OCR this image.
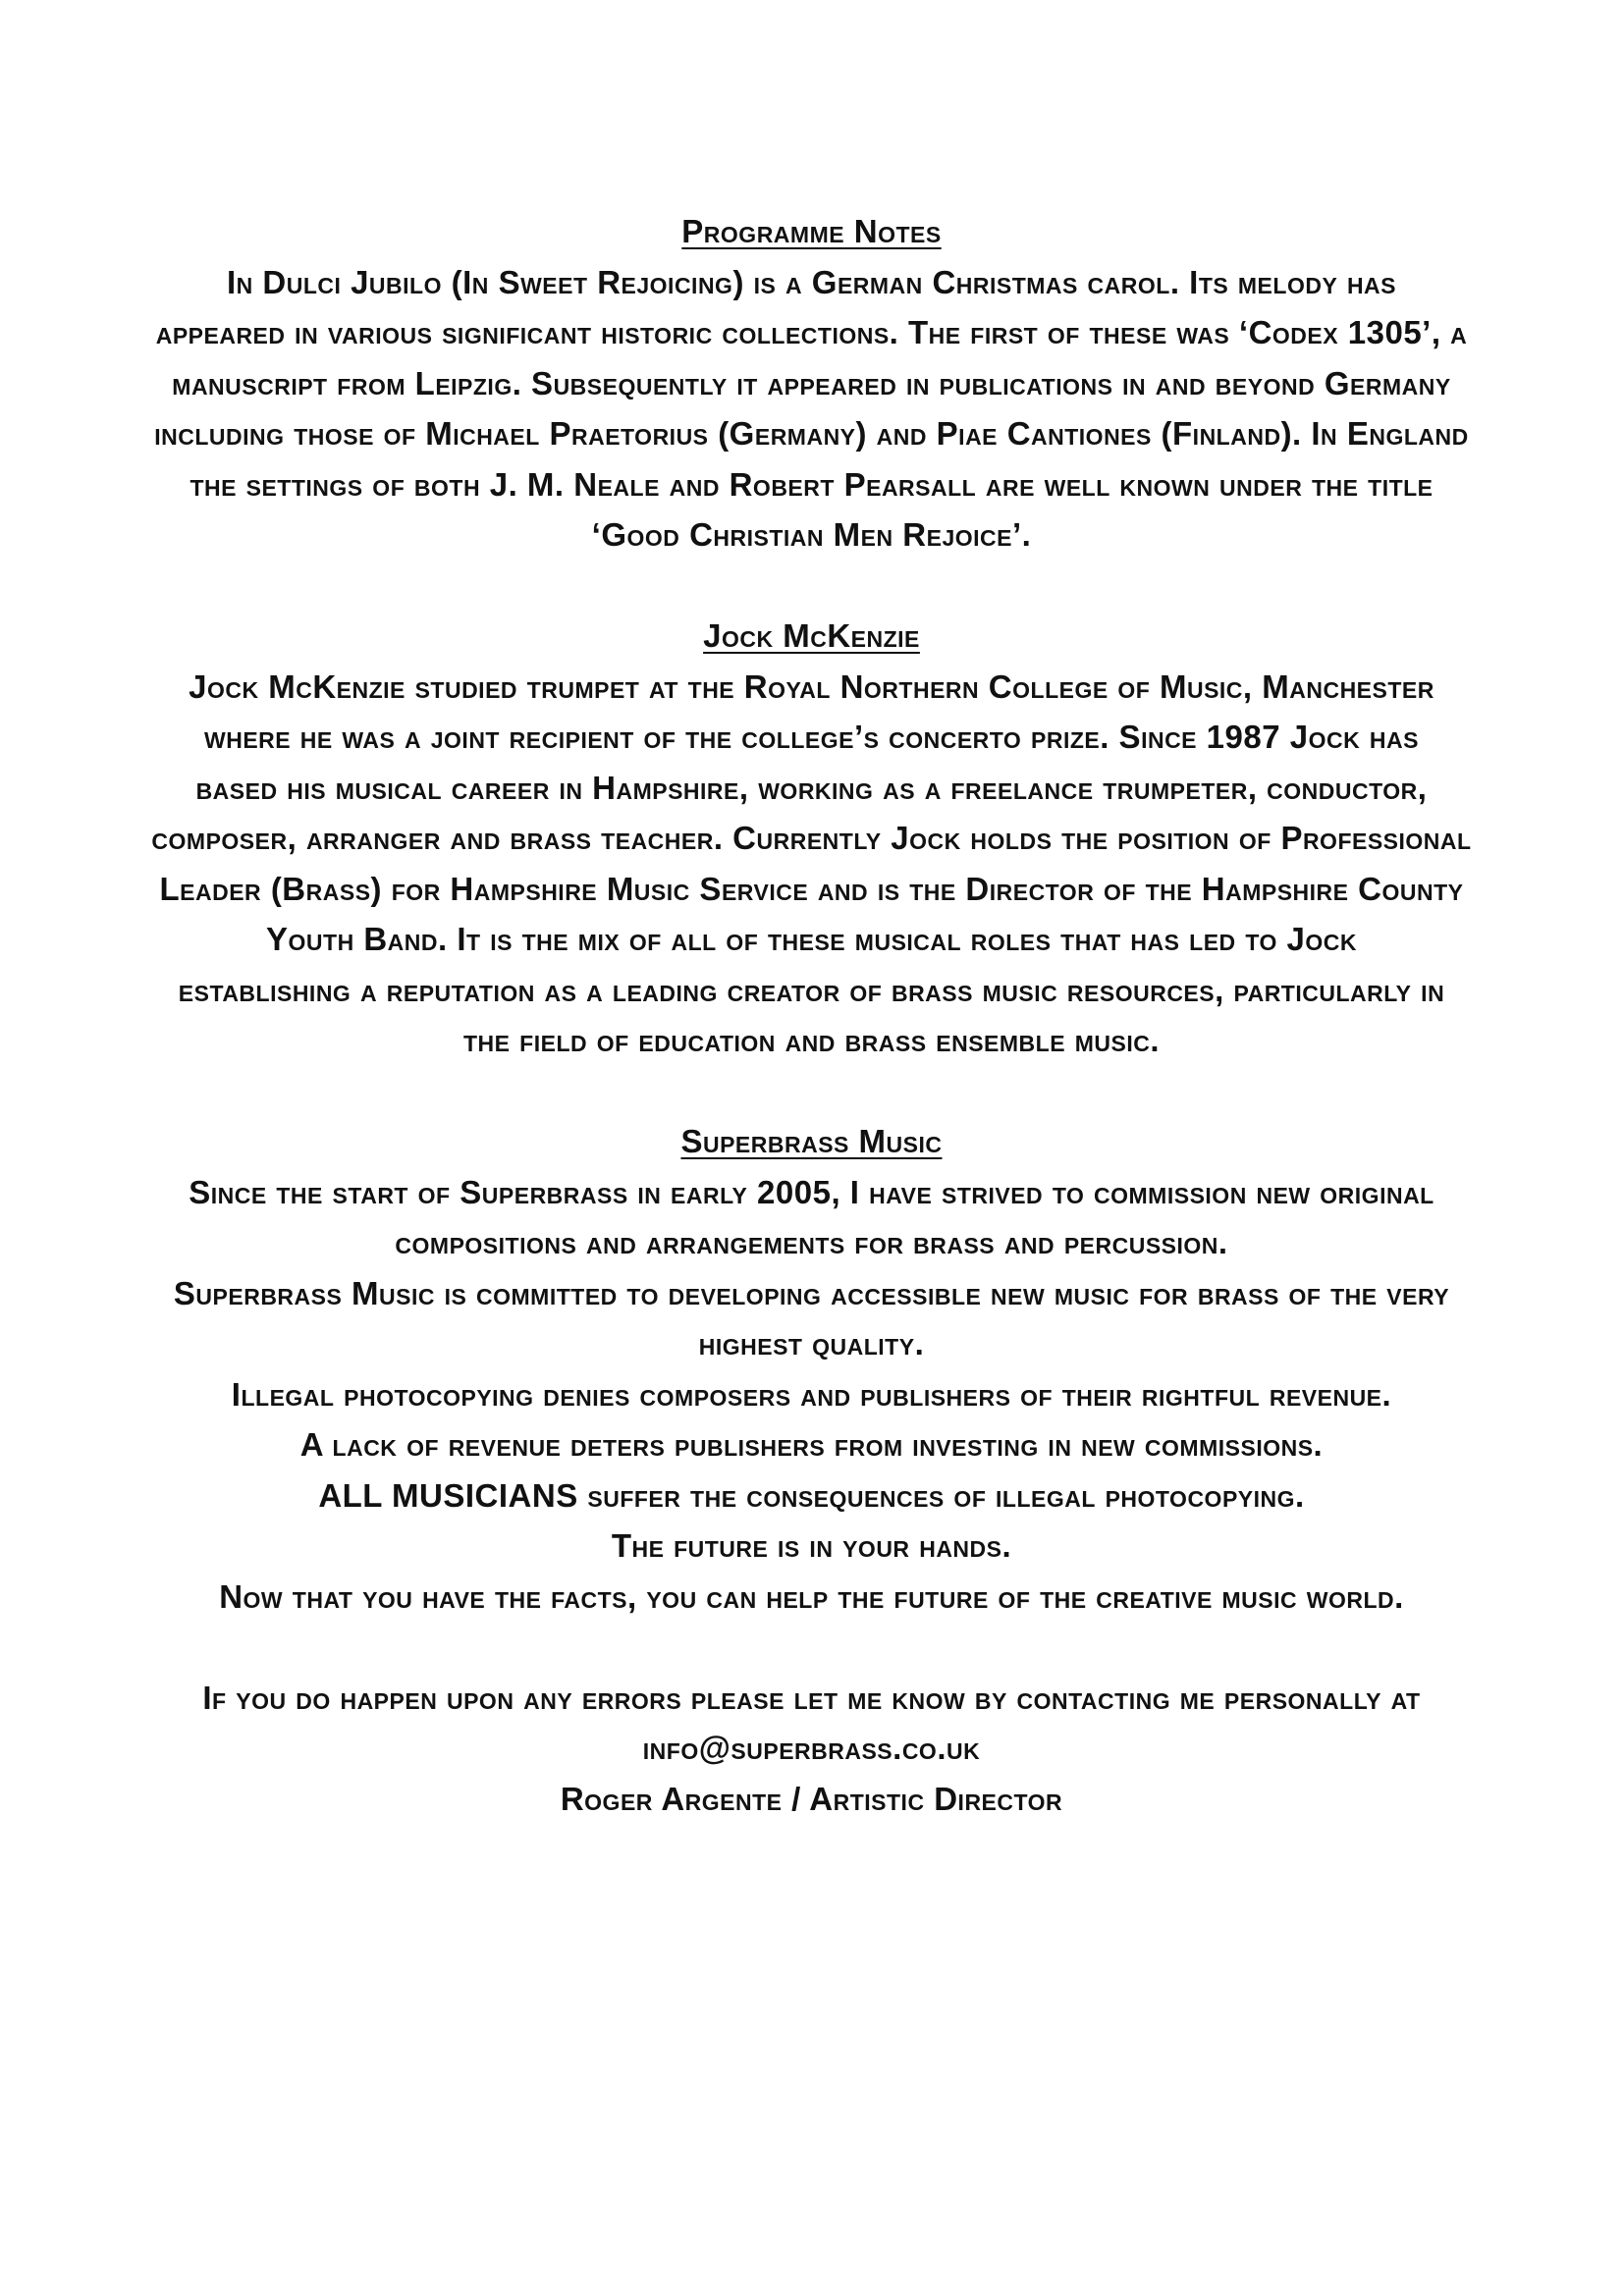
Programme Notes
In Dulci Jubilo (In Sweet Rejoicing) is a German Christmas carol. Its melody has
appeared in various significant historic collections. The first of these was ‘Codex 1305’, a
manuscript from Leipzig. Subsequently it appeared in publications in and beyond Germany
including those of Michael Praetorius (Germany) and Piae Cantiones (Finland). In England
the settings of both J. M. Neale and Robert Pearsall are well known under the title
‘Good Christian Men Rejoice’.
Jock McKenzie
Jock McKenzie studied trumpet at the Royal Northern College of Music, Manchester
where he was a joint recipient of the college’s concerto prize. Since 1987 Jock has
based his musical career in Hampshire, working as a freelance trumpeter, conductor,
composer, arranger and brass teacher. Currently Jock holds the position of Professional
Leader (Brass) for Hampshire Music Service and is the Director of the Hampshire County
Youth Band. It is the mix of all of these musical roles that has led to Jock
establishing a reputation as a leading creator of brass music resources, particularly in
the field of education and brass ensemble music.
Superbrass Music
Since the start of Superbrass in early 2005, I have strived to commission new original
compositions and arrangements for brass and percussion.
Superbrass Music is committed to developing accessible new music for brass of the very
highest quality.
Illegal photocopying denies composers and publishers of their rightful revenue.
A lack of revenue deters publishers from investing in new commissions.
ALL MUSICIANS suffer the consequences of illegal photocopying.
The future is in your hands.
Now that you have the facts, you can help the future of the creative music world.
If you do happen upon any errors please let me know by contacting me personally at
info@superbrass.co.uk
Roger Argente / Artistic Director
